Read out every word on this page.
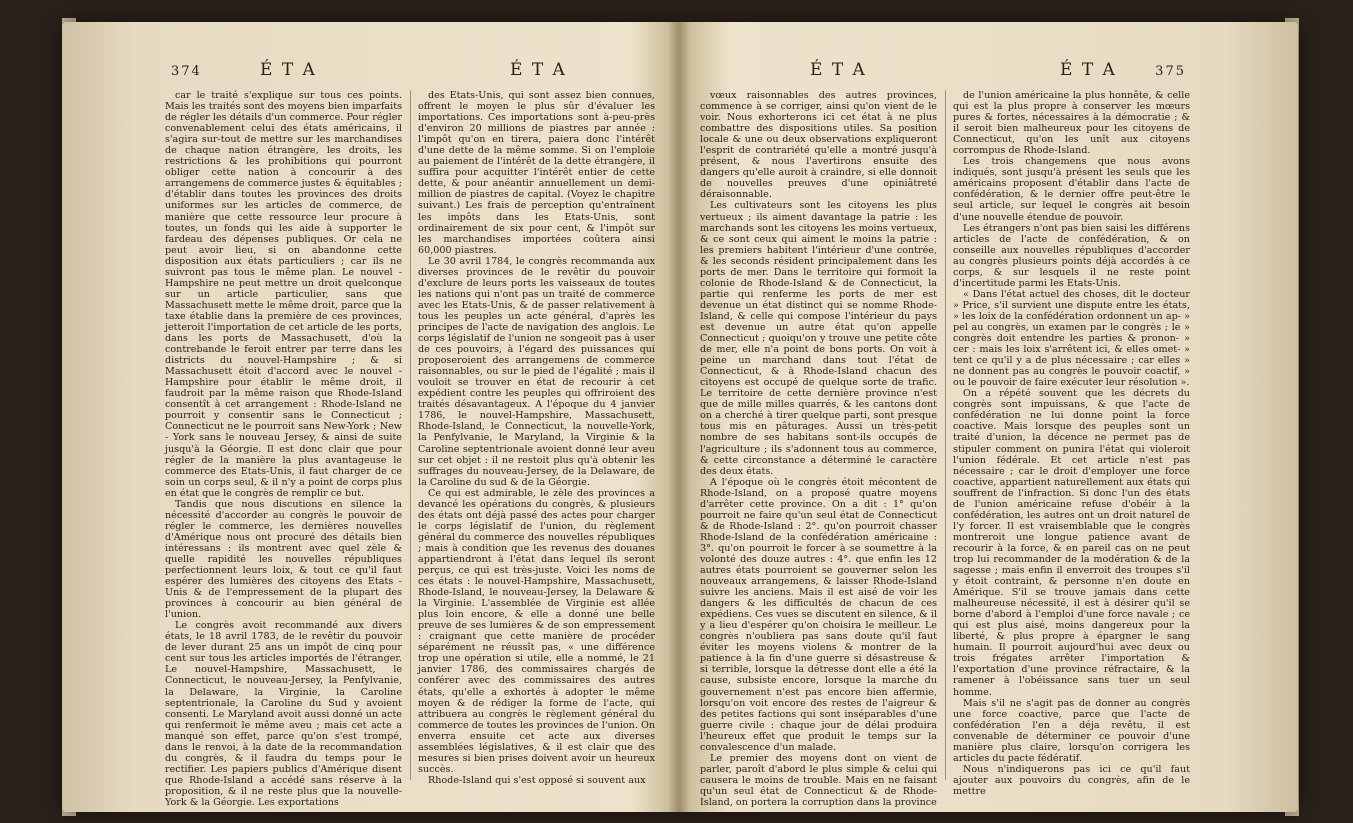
374	É T A	É T A

car le traité s'explique sur tous ces points. Mais les traités sont des moyens bien imparfaits de régler les détails d'un commerce. Pour régler convenablement celui des états américains, il s'agira sur-tout de mettre sur les marchandises de chaque nation étrangère, les droits, les restrictions & les prohibitions qui pourront obliger cette nation à concourir à des arrangemens de commerce justes & équitables ; d'établir dans toutes les provinces des droits uniformes sur les articles de commerce, de manière que cette ressource leur procure à toutes, un fonds qui les aide à supporter le fardeau des dépenses publiques. Or cela ne peut avoir lieu, si on abandonne cette disposition aux états particuliers ; car ils ne suivront pas tous le même plan. Le nouvel - Hampshire ne peut mettre un droit quelconque sur un article particulier, sans que Massachusett mette le même droit, parce que la taxe établie dans la première de ces provinces, jetteroit l'importation de cet article de les ports, dans les ports de Massachusett, d'où la contrebande le feroit entrer par terre dans les districts du nouvel-Hampshire ; & si Massachusett étoit d'accord avec le nouvel - Hampshire pour établir le même droit, il faudroit par la même raison que Rhode-Island consentît à cet arrangement : Rhode-Island ne pourroit y consentir sans le Connecticut ; Connecticut ne le pourroit sans New-York ; New - York sans le nouveau Jersey, & ainsi de suite jusqu'à la Géorgie. Il est donc clair que pour régler de la manière la plus avantageuse le commerce des Etats-Unis, il faut charger de ce soin un corps seul, & il n'y a point de corps plus en état que le congrès de remplir ce but.

Tandis que nous discutions en silence la nécessité d'accorder au congrès le pouvoir de régler le commerce, les dernières nouvelles d'Amérique nous ont procuré des détails bien intéressans : ils montrent avec quel zèle & quelle rapidité les nouvelles républiques perfectionnent leurs loix, & tout ce qu'il faut espérer des lumières des citoyens des Etats - Unis & de l'empressement de la plupart des provinces à concourir au bien général de l'union.

Le congrès avoit recommandé aux divers états, le 18 avril 1783, de le revêtir du pouvoir de lever durant 25 ans un impôt de cinq pour cent sur tous les articles importés de l'étranger. Le nouvel-Hampshire, Massachusett, le Connecticut, le nouveau-Jersey, la Penfylvanie, la Delaware, la Virginie, la Caroline septentrionale, la Caroline du Sud y avoient consenti. Le Maryland avoit aussi donné un acte qui renfermoit le même aveu ; mais cet acte a manqué son effet, parce qu'on s'est trompé, dans le renvoi, à la date de la recommandation du congrès, & il faudra du temps pour le rectifier. Les papiers publics d'Amérique disent que Rhode-Island a accédé sans réserve à la proposition, & il ne reste plus que la nouvelle-York & la Géorgie. Les exportations

des Etats-Unis, qui sont assez bien connues, offrent le moyen le plus sûr d'évaluer les importations. Ces importations sont à-peu-près d'environ 20 millions de piastres par année : l'impôt qu'on en tirera, paiera donc l'intérêt d'une dette de la même somme. Si on l'emploie au paiement de l'intérêt de la dette étrangère, il suffira pour acquitter l'intérêt entier de cette dette, & pour anéantir annuellement un demi-million de piastres de capital. (Voyez le chapitre suivant.) Les frais de perception qu'entraînent les impôts dans les Etats-Unis, sont ordinairement de six pour cent, & l'impôt sur les marchandises importées coûtera ainsi 60,000 piastres.

Le 30 avril 1784, le congrès recommanda aux diverses provinces de le revêtir du pouvoir d'exclure de leurs ports les vaisseaux de toutes les nations qui n'ont pas un traité de commerce avec les Etats-Unis, & de passer relativement à tous les peuples un acte général, d'après les principes de l'acte de navigation des anglois. Le corps législatif de l'union ne songeoit pas à user de ces pouvoirs, à l'égard des puissances qui proposeroient des arrangemens de commerce raisonnables, ou sur le pied de l'égalité ; mais il vouloit se trouver en état de recourir à cet expédient contre les peuples qui offriroient des traités désavantageux. A l'époque du 4 janvier 1786, le nouvel-Hampshire, Massachusett, Rhode-Island, le Connecticut, la nouvelle-York, la Penfylvanie, le Maryland, la Virginie & la Caroline septentrionale avoient donné leur aveu sur cet objet : il ne restoit plus qu'à obtenir les suffrages du nouveau-Jersey, de la Delaware, de la Caroline du sud & de la Géorgie.

Ce qui est admirable, le zèle des provinces a devancé les opérations du congrès, & plusieurs des états ont déjà passé des actes pour charger le corps législatif de l'union, du règlement général du commerce des nouvelles républiques ; mais à condition que les revenus des douanes appartiendront à l'état dans lequel ils seront perçus, ce qui est très-juste. Voici les noms de ces états : le nouvel-Hampshire, Massachusett, Rhode-Island, le nouveau-Jersey, la Delaware & la Virginie. L'assemblée de Virginie est allée plus loin encore, & elle a donné une belle preuve de ses lumières & de son empressement : craignant que cette manière de procéder séparément ne réussît pas, « une différence trop une opération si utile, elle a nommé, le 21 janvier 1786, des commissaires chargés de conférer avec des commissaires des autres états, qu'elle a exhortés à adopter le même moyen & de rédiger la forme de l'acte, qui attribuera au congrès le règlement général du commerce de toutes les provinces de l'union. On enverra ensuite cet acte aux diverses assemblées législatives, & il est clair que des mesures si bien prises doivent avoir un heureux succès.

Rhode-Island qui s'est opposé si souvent aux

É T A	É T A	375

vœux raisonnables des autres provinces, commence à se corriger, ainsi qu'on vient de le voir. Nous exhorterons ici cet état à ne plus combattre des dispositions utiles. Sa position locale & une ou deux observations expliqueront l'esprit de contrariété qu'elle a montré jusqu'à présent, & nous l'avertirons ensuite des dangers qu'elle auroit à craindre, si elle donnoit de nouvelles preuves d'une opiniâtreté déraisonnable.

Les cultivateurs sont les citoyens les plus vertueux ; ils aiment davantage la patrie : les marchands sont les citoyens les moins vertueux, & ce sont ceux qui aiment le moins la patrie : les premiers habitent l'intérieur d'une contrée, & les seconds résident principalement dans les ports de mer. Dans le territoire qui formoit la colonie de Rhode-Island & de Connecticut, la partie qui renferme les ports de mer est devenue un état distinct qui se nomme Rhode-Island, & celle qui compose l'intérieur du pays est devenue un autre état qu'on appelle Connecticut ; quoiqu'on y trouve une petite côte de mer, elle n'a point de bons ports. On voit à peine un marchand dans tout l'état de Connecticut, & à Rhode-Island chacun des citoyens est occupé de quelque sorte de trafic. Le territoire de cette dernière province n'est que de mille milles quarrés, & les cantons dont on a cherché à tirer quelque parti, sont presque tous mis en pâturages. Aussi un très-petit nombre de ses habitans sont-ils occupés de l'agriculture ; ils s'adonnent tous au commerce, & cette circonstance a déterminé le caractère des deux états.

A l'époque où le congrès étoit mécontent de Rhode-Island, on a proposé quatre moyens d'arrêter cette province. On a dit : 1° qu'on pourroit ne faire qu'un seul état de Connecticut & de Rhode-Island : 2°. qu'on pourroit chasser Rhode-Island de la confédération américaine : 3°. qu'on pourroit le forcer à se soumettre à la volonté des douze autres : 4°. que enfin les 12 autres états pourroient se gouverner selon les nouveaux arrangemens, & laisser Rhode-Island suivre les anciens. Mais il est aisé de voir les dangers & les difficultés de chacun de ces expédiens. Ces vues se discutent en silence, & il y a lieu d'espérer qu'on choisira le meilleur. Le congrès n'oubliera pas sans doute qu'il faut éviter les moyens violens & montrer de la patience à la fin d'une guerre si désastreuse & si terrible, lorsque la détresse dont elle a été la cause, subsiste encore, lorsque la marche du gouvernement n'est pas encore bien affermie, lorsqu'on voit encore des restes de l'aigreur & des petites factions qui sont inséparables d'une guerre civile : chaque jour de délai produira l'heureux effet que produit le temps sur la convalescence d'un malade.

Le premier des moyens dont on vient de parler, paroît d'abord le plus simple & celui qui causera le moins de trouble. Mais en ne faisant qu'un seul état de Connecticut & de Rhode-Island, on portera la corruption dans la province

de l'union américaine la plus honnête, & celle qui est la plus propre à conserver les mœurs pures & fortes, nécessaires à la démocratie ; & il seroit bien malheureux pour les citoyens de Connecticut, qu'on les unît aux citoyens corrompus de Rhode-Island.

Les trois changemens que nous avons indiqués, sont jusqu'à présent les seuls que les américains proposent d'établir dans l'acte de confédération, & le dernier offre peut-être le seul article, sur lequel le congrès ait besoin d'une nouvelle étendue de pouvoir.

Les étrangers n'ont pas bien saisi les différens articles de l'acte de confédération, & on conseille aux nouvelles républiques d'accorder au congrès plusieurs points déjà accordés à ce corps, & sur lesquels il ne reste point d'incertitude parmi les Etats-Unis.

« Dans l'état actuel des choses, dit le docteur » Price, s'il survient une dispute entre les états, » les loix de la confédération ordonnent un ap- » pel au congrès, un examen par le congrès ; le » congrès doit entendre les parties & pronon- » cer : mais les loix s'arrêtent ici, & elles omet- » tent ce qu'il y a de plus nécessaire ; car elles » ne donnent pas au congrès le pouvoir coactif, » ou le pouvoir de faire exécuter leur résolution ».

On a répété souvent que les décrets du congrès sont impuissans, & que l'acte de confédération ne lui donne point la force coactive. Mais lorsque des peuples sont un traité d'union, la décence ne permet pas de stipuler comment on punira l'état qui violeroit l'union fédérale. Et cet article n'est pas nécessaire ; car le droit d'employer une force coactive, appartient naturellement aux états qui souffrent de l'infraction. Si donc l'un des états de l'union américaine refuse d'obéir à la confédération, les autres ont un droit naturel de l'y forcer. Il est vraisemblable que le congrès montreroit une longue patience avant de recourir à la force, & en pareil cas on ne peut trop lui recommander de la modération & de la sagesse ; mais enfin il enverroit des troupes s'il y étoit contraint, & personne n'en doute en Amérique. S'il se trouve jamais dans cette malheureuse nécessité, il est à désirer qu'il se borne d'abord à l'emploi d'une force navale ; ce qui est plus aisé, moins dangereux pour la liberté, & plus propre à épargner le sang humain. Il pourroit aujourd'hui avec deux ou trois frégates arrêter l'importation & l'exportation d'une province réfractaire, & la ramener à l'obéissance sans tuer un seul homme.

Mais s'il ne s'agit pas de donner au congrès une force coactive, parce que l'acte de confédération l'en a déja revêtu, il est convenable de déterminer ce pouvoir d'une manière plus claire, lorsqu'on corrigera les articles du pacte fédératif.

Nous n'indiquerons pas ici ce qu'il faut ajouter aux pouvoirs du congrès, afin de le mettre
